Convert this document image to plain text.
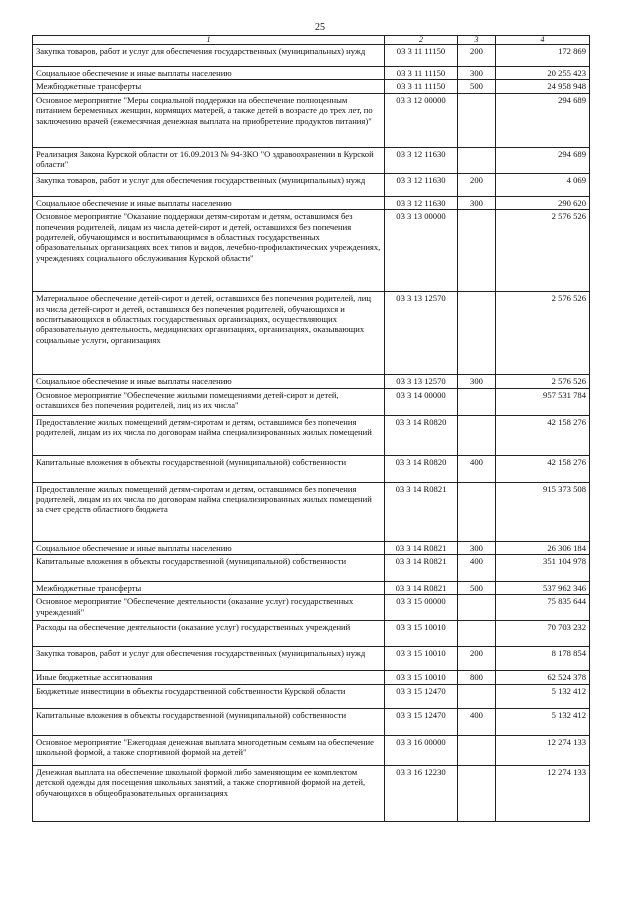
25
1	2	3	4
Закупка товаров, работ и услуг для обеспечения государственных (муниципальных) нужд	03 3 11 11150	200	172 869
Социальное обеспечение и иные выплаты населению	03 3 11 11150	300	20 255 423
Межбюджетные трансферты	03 3 11 11150	500	24 958 948
Основное мероприятие "Меры социальной поддержки на обеспечение полноценным питанием беременных женщин, кормящих матерей, а также детей в возрасте до трех лет, по заключению врачей (ежемесячная денежная выплата на приобретение продуктов питания)"	03 3 12 00000		294 689
Реализация Закона Курской области от 16.09.2013 № 94-ЗКО "О здравоохранении в Курской области"	03 3 12 11630		294 689
Закупка товаров, работ и услуг для обеспечения государственных (муниципальных) нужд	03 3 12 11630	200	4 069
Социальное обеспечение и иные выплаты населению	03 3 12 11630	300	290 620
Основное мероприятие "Оказание поддержки детям-сиротам и детям, оставшимся без попечения родителей, лицам из числа детей-сирот и детей, оставшихся без попечения родителей, обучающимся и воспитывающимся в областных государственных образовательных организациях всех типов и видов, лечебно-профилактических учреждениях, учреждениях социального обслуживания Курской области"	03 3 13 00000		2 576 526
Материальное обеспечение детей-сирот и детей, оставшихся без попечения родителей, лиц из числа детей-сирот и детей, оставшихся без попечения родителей, обучающихся и воспитывающихся в областных государственных организациях, осуществляющих образовательную деятельность, медицинских организациях, организациях, оказывающих социальные услуги, организациях	03 3 13 12570		2 576 526
Социальное обеспечение и иные выплаты населению	03 3 13 12570	300	2 576 526
Основное мероприятие "Обеспечение жилыми помещениями детей-сирот и детей, оставшихся без попечения родителей, лиц из их числа"	03 3 14 00000		957 531 784
Предоставление жилых помещений детям-сиротам и детям, оставшимся без попечения родителей, лицам из их числа по договорам найма специализированных жилых помещений	03 3 14 R0820		42 158 276
Капитальные вложения в объекты государственной (муниципальной) собственности	03 3 14 R0820	400	42 158 276
Предоставление жилых помещений детям-сиротам и детям, оставшимся без попечения родителей, лицам из их числа по договорам найма специализированных жилых помещений за счет средств областного бюджета	03 3 14 R0821		915 373 508
Социальное обеспечение и иные выплаты населению	03 3 14 R0821	300	26 306 184
Капитальные вложения в объекты государственной (муниципальной) собственности	03 3 14 R0821	400	351 104 978
Межбюджетные трансферты	03 3 14 R0821	500	537 962 346
Основное мероприятие "Обеспечение деятельности (оказание услуг) государственных учреждений"	03 3 15 00000		75 835 644
Расходы на обеспечение деятельности (оказание услуг) государственных учреждений	03 3 15 10010		70 703 232
Закупка товаров, работ и услуг для обеспечения государственных (муниципальных) нужд	03 3 15 10010	200	8 178 854
Иные бюджетные ассигнования	03 3 15 10010	800	62 524 378
Бюджетные инвестиции в объекты государственной собственности Курской области	03 3 15 12470		5 132 412
Капитальные вложения в объекты государственной (муниципальной) собственности	03 3 15 12470	400	5 132 412
Основное мероприятие "Ежегодная денежная выплата многодетным семьям на обеспечение школьной формой, а также спортивной формой на детей"	03 3 16 00000		12 274 133
Денежная выплата на обеспечение школьной формой либо заменяющим ее комплектом детской одежды для посещения школьных занятий, а также спортивной формой на детей, обучающихся в общеобразовательных организациях	03 3 16 12230		12 274 133
